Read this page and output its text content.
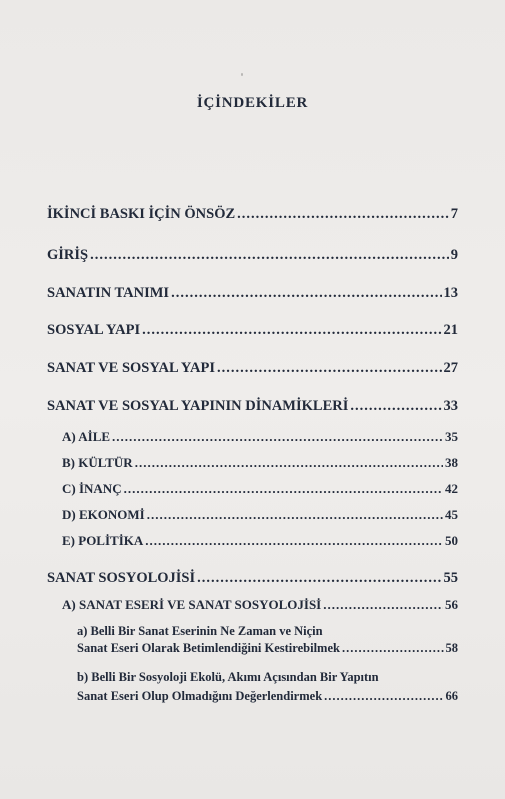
İÇİNDEKİLER
İKİNCİ BASKI İÇİN ÖNSÖZ .....	7
GİRİŞ .....	9
SANATIN TANIMI .....	13
SOSYAL YAPI .....	21
SANAT VE SOSYAL YAPI .....	27
SANAT VE SOSYAL YAPININ DİNAMİKLERİ .....	33
A) AİLE .....	35
B) KÜLTÜR .....	38
C) İNANÇ .....	42
D) EKONOMİ .....	45
E) POLİTİKA .....	50
SANAT SOSYOLOJİSİ .....	55
A) SANAT ESERİ VE SANAT SOSYOLOJİSİ .....	56
a) Belli Bir Sanat Eserinin Ne Zaman ve Niçin
Sanat Eseri Olarak Betimlendiğini Kestirebilmek .....	58
b) Belli Bir Sosyoloji Ekolü, Akımı Açısından Bir Yapıtın
Sanat Eseri Olup Olmadığını Değerlendirmek .....	66
